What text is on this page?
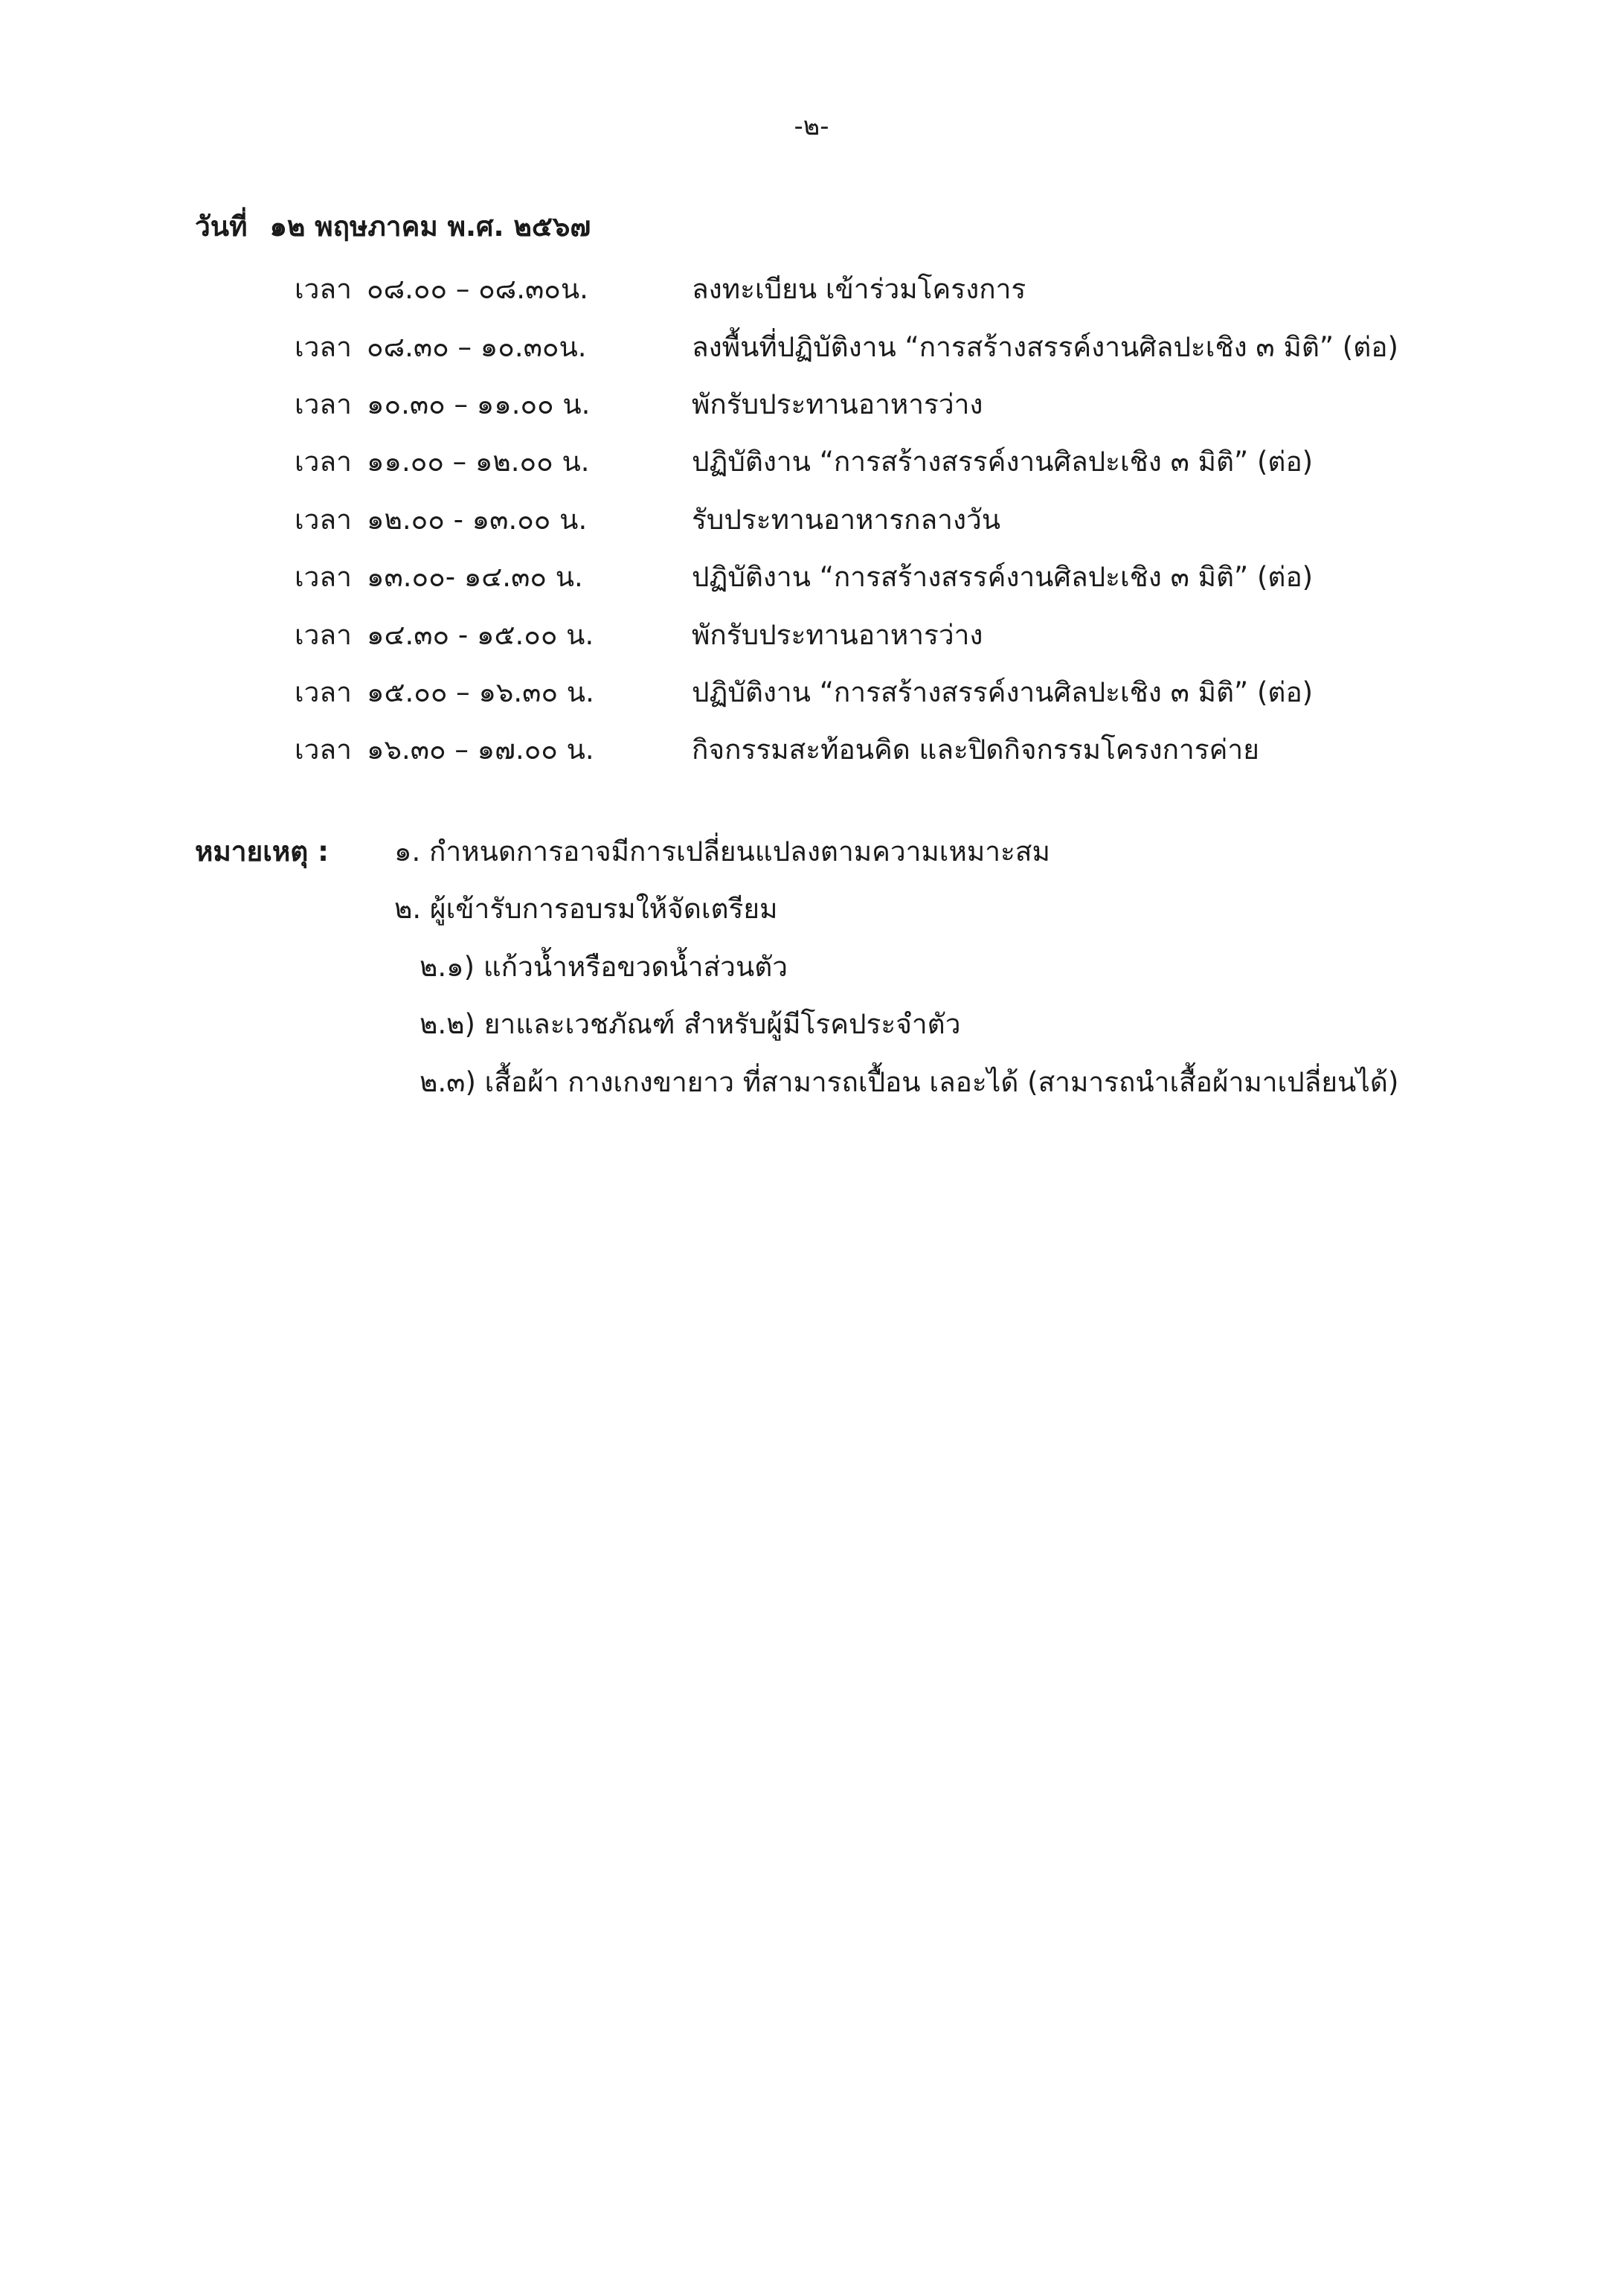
-๒-
วันที่ ๑๒ พฤษภาคม พ.ศ. ๒๕๖๗
เวลา ๐๘.๐๐ – ๐๘.๓๐น.	ลงทะเบียน เข้าร่วมโครงการ
เวลา ๐๘.๓๐ – ๑๐.๓๐น.	ลงพื้นที่ปฏิบัติงาน “การสร้างสรรค์งานศิลปะเชิง ๓ มิติ” (ต่อ)
เวลา ๑๐.๓๐ – ๑๑.๐๐ น.	พักรับประทานอาหารว่าง
เวลา ๑๑.๐๐ – ๑๒.๐๐ น.	ปฏิบัติงาน “การสร้างสรรค์งานศิลปะเชิง ๓ มิติ” (ต่อ)
เวลา ๑๒.๐๐ - ๑๓.๐๐ น.	รับประทานอาหารกลางวัน
เวลา ๑๓.๐๐- ๑๔.๓๐ น.	ปฏิบัติงาน “การสร้างสรรค์งานศิลปะเชิง ๓ มิติ” (ต่อ)
เวลา ๑๔.๓๐ - ๑๕.๐๐ น.	พักรับประทานอาหารว่าง
เวลา ๑๕.๐๐ – ๑๖.๓๐ น.	ปฏิบัติงาน “การสร้างสรรค์งานศิลปะเชิง ๓ มิติ” (ต่อ)
เวลา ๑๖.๓๐ – ๑๗.๐๐ น.	กิจกรรมสะท้อนคิด และปิดกิจกรรมโครงการค่าย
หมายเหตุ : ๑. กำหนดการอาจมีการเปลี่ยนแปลงตามความเหมาะสม
๒. ผู้เข้ารับการอบรมให้จัดเตรียม
๒.๑) แก้วน้ำหรือขวดน้ำส่วนตัว
๒.๒) ยาและเวชภัณฑ์ สำหรับผู้มีโรคประจำตัว
๒.๓) เสื้อผ้า กางเกงขายาว ที่สามารถเปื้อน เลอะได้ (สามารถนำเสื้อผ้ามาเปลี่ยนได้)
